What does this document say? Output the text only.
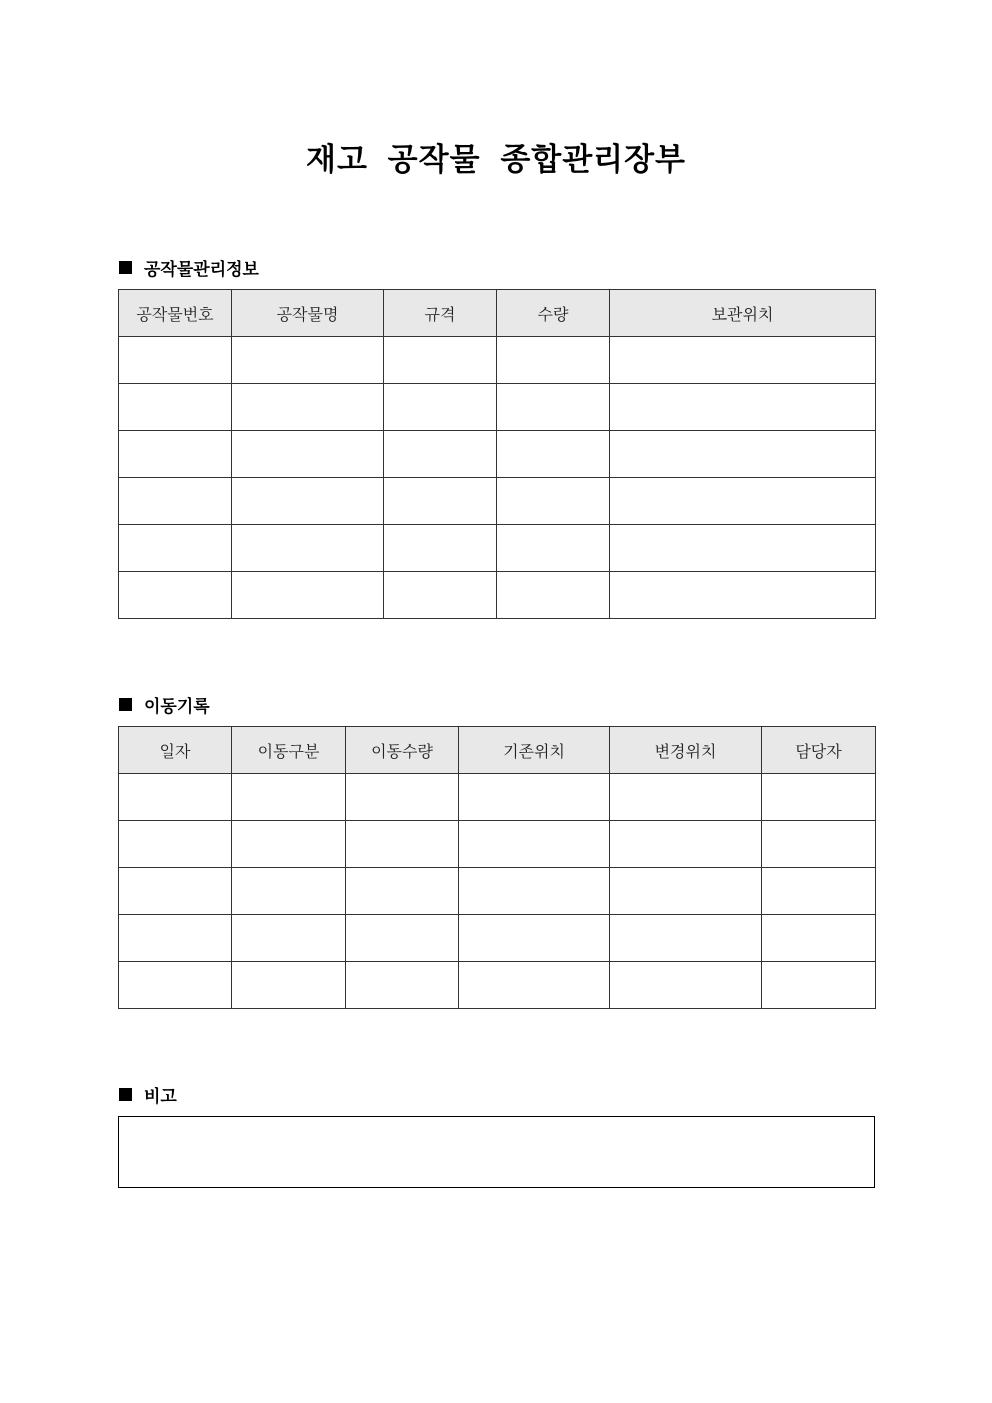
재고 공작물 종합관리장부
공작물관리정보
공작물번호	공작물명	규격	수량	보관위치

이동기록
일자	이동구분	이동수량	기존위치	변경위치	담당자

비고
